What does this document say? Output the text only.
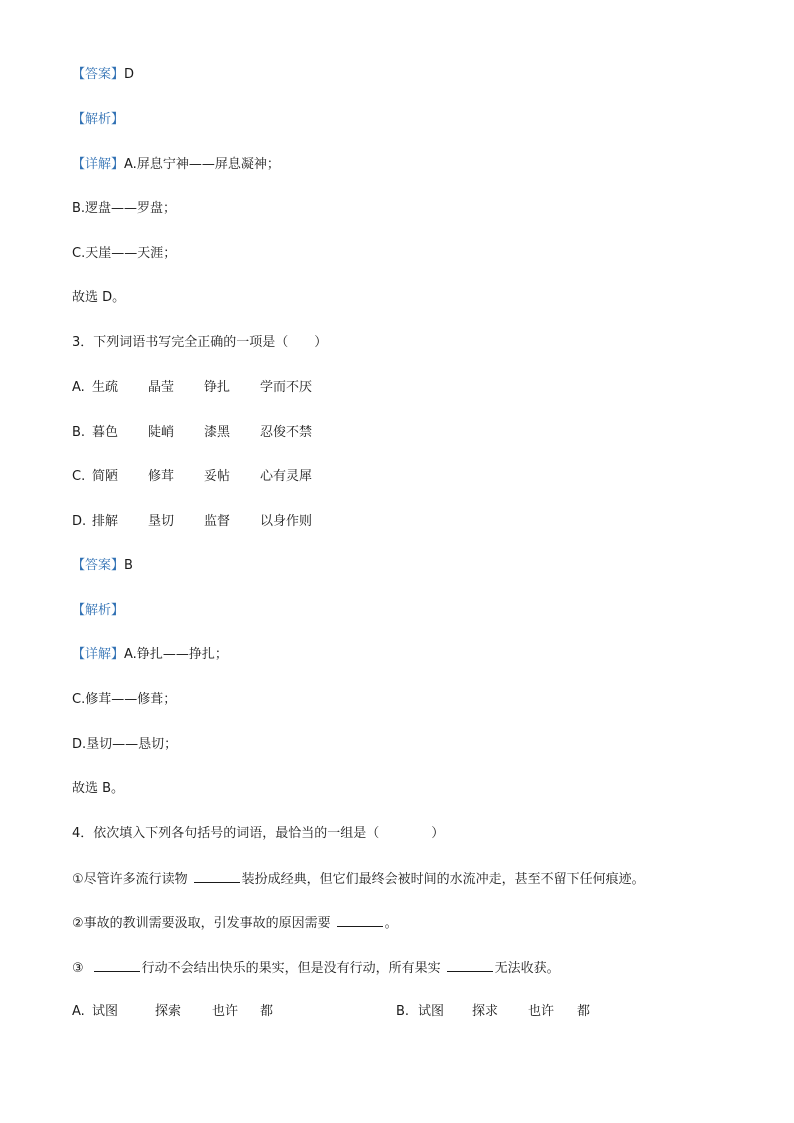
【答案】D
【解析】
【详解】A.屏息宁神——屏息凝神；
B.逻盘——罗盘；
C.天崖——天涯；
故选 D。
3．下列词语书写完全正确的一项是（　　）
A. 生疏 晶莹 铮扎 学而不厌
B. 暮色 陡峭 漆黑 忍俊不禁
C. 简陋 修茸 妥帖 心有灵犀
D. 排解 垦切 监督 以身作则
【答案】B
【解析】
【详解】A.铮扎——挣扎；
C.修茸——修葺；
D.垦切——恳切；
故选 B。
4．依次填入下列各句括号的词语，最恰当的一组是（　　　　）
①尽管许多流行读物	装扮成经典，但它们最终会被时间的水流冲走，甚至不留下任何痕迹。
②事故的教训需要汲取，引发事故的原因需要	。
③	行动不会结出快乐的果实，但是没有行动，所有果实	无法收获。
A. 试图	探索 也许 都	B. 试图 探求 也许 都
